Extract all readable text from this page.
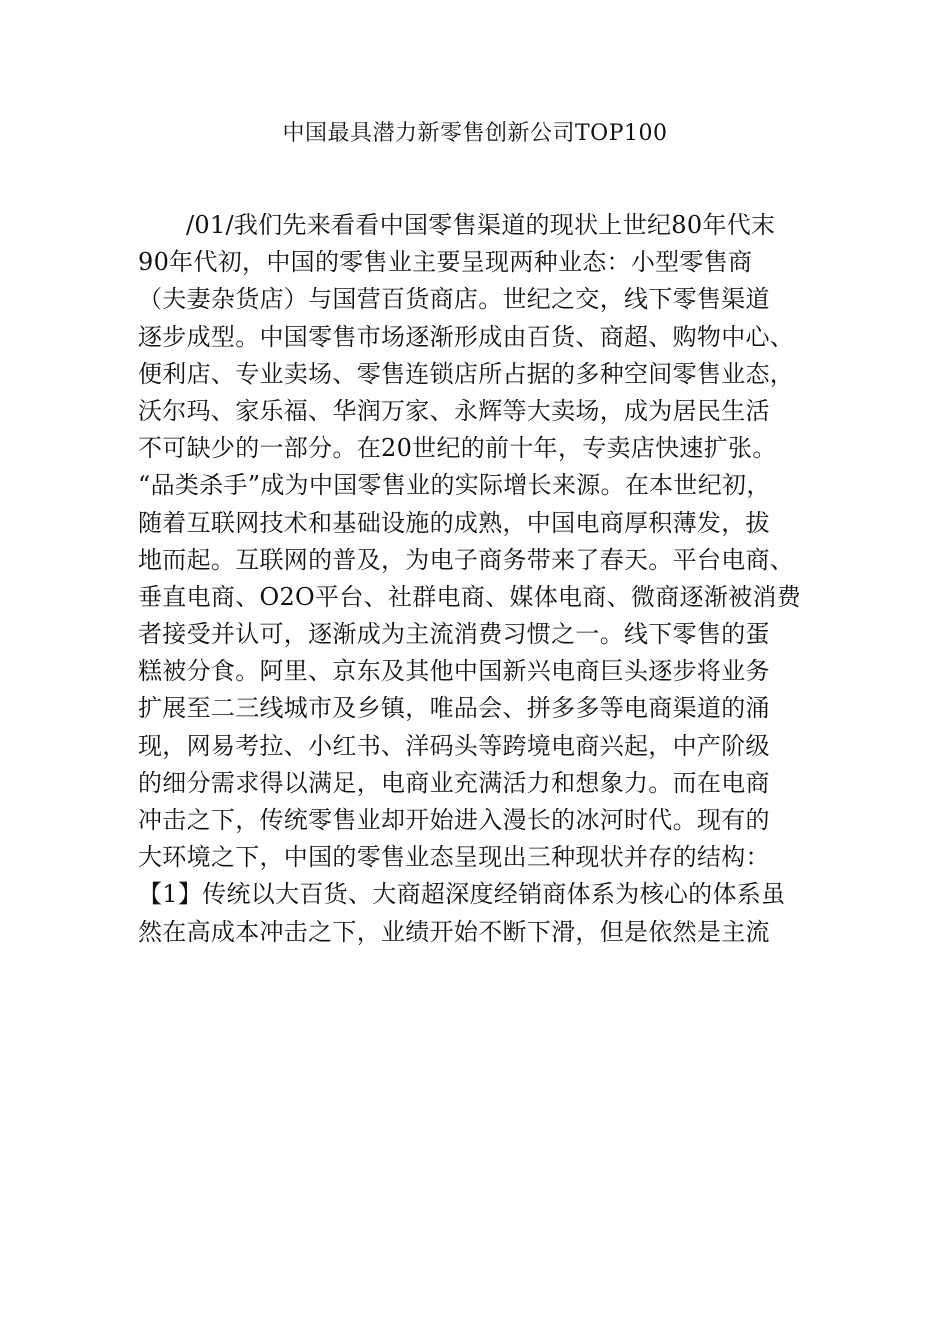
中国最具潜力新零售创新公司TOP100
/01/我们先来看看中国零售渠道的现状上世纪80年代末
90年代初，中国的零售业主要呈现两种业态：小型零售商
（夫妻杂货店）与国营百货商店。世纪之交，线下零售渠道
逐步成型。中国零售市场逐渐形成由百货、商超、购物中心、
便利店、专业卖场、零售连锁店所占据的多种空间零售业态，
沃尔玛、家乐福、华润万家、永辉等大卖场，成为居民生活
不可缺少的一部分。在20世纪的前十年，专卖店快速扩张。
“品类杀手”成为中国零售业的实际增长来源。在本世纪初，
随着互联网技术和基础设施的成熟，中国电商厚积薄发，拔
地而起。互联网的普及，为电子商务带来了春天。平台电商、
垂直电商、O2O平台、社群电商、媒体电商、微商逐渐被消费
者接受并认可，逐渐成为主流消费习惯之一。线下零售的蛋
糕被分食。阿里、京东及其他中国新兴电商巨头逐步将业务
扩展至二三线城市及乡镇，唯品会、拼多多等电商渠道的涌
现，网易考拉、小红书、洋码头等跨境电商兴起，中产阶级
的细分需求得以满足，电商业充满活力和想象力。而在电商
冲击之下，传统零售业却开始进入漫长的冰河时代。现有的
大环境之下，中国的零售业态呈现出三种现状并存的结构：
【1】传统以大百货、大商超深度经销商体系为核心的体系虽
然在高成本冲击之下，业绩开始不断下滑，但是依然是主流
